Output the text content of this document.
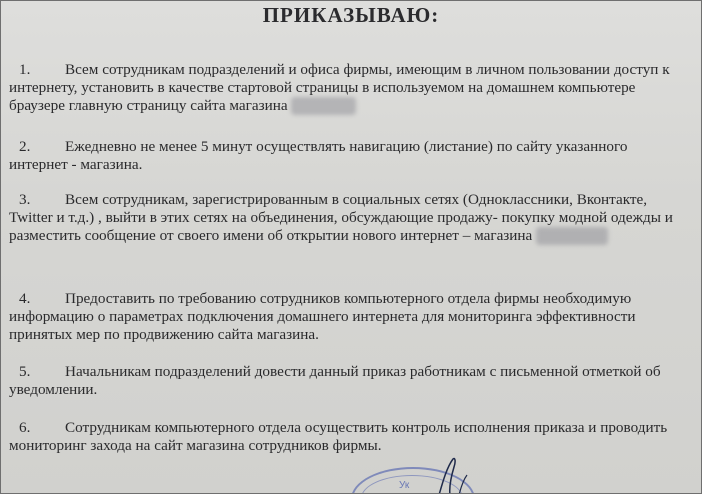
ПРИКАЗЫВАЮ:
1.	Всем сотрудникам подразделений и офиса фирмы, имеющим в личном пользовании доступ к интернету, установить в качестве стартовой страницы в используемом на домашнем компьютере браузере главную страницу сайта магазина
2.	Ежедневно не менее 5 минут осуществлять навигацию (листание) по сайту указанного интернет - магазина.
3.	Всем сотрудникам, зарегистрированным в социальных сетях (Одноклассники, Вконтакте, Twitter и т.д.) , выйти в этих сетях на объединения, обсуждающие продажу- покупку модной одежды и разместить сообщение от своего имени об открытии нового интернет – магазина
4.	Предоставить по требованию сотрудников компьютерного отдела фирмы необходимую информацию о параметрах подключения домашнего интернета для мониторинга эффективности принятых мер по продвижению сайта магазина.
5.	Начальникам подразделений довести данный приказ работникам с письменной отметкой об уведомлении.
6.	Сотрудникам компьютерного отдела осуществить контроль исполнения приказа и проводить мониторинг захода на сайт магазина сотрудников фирмы.
Ук
